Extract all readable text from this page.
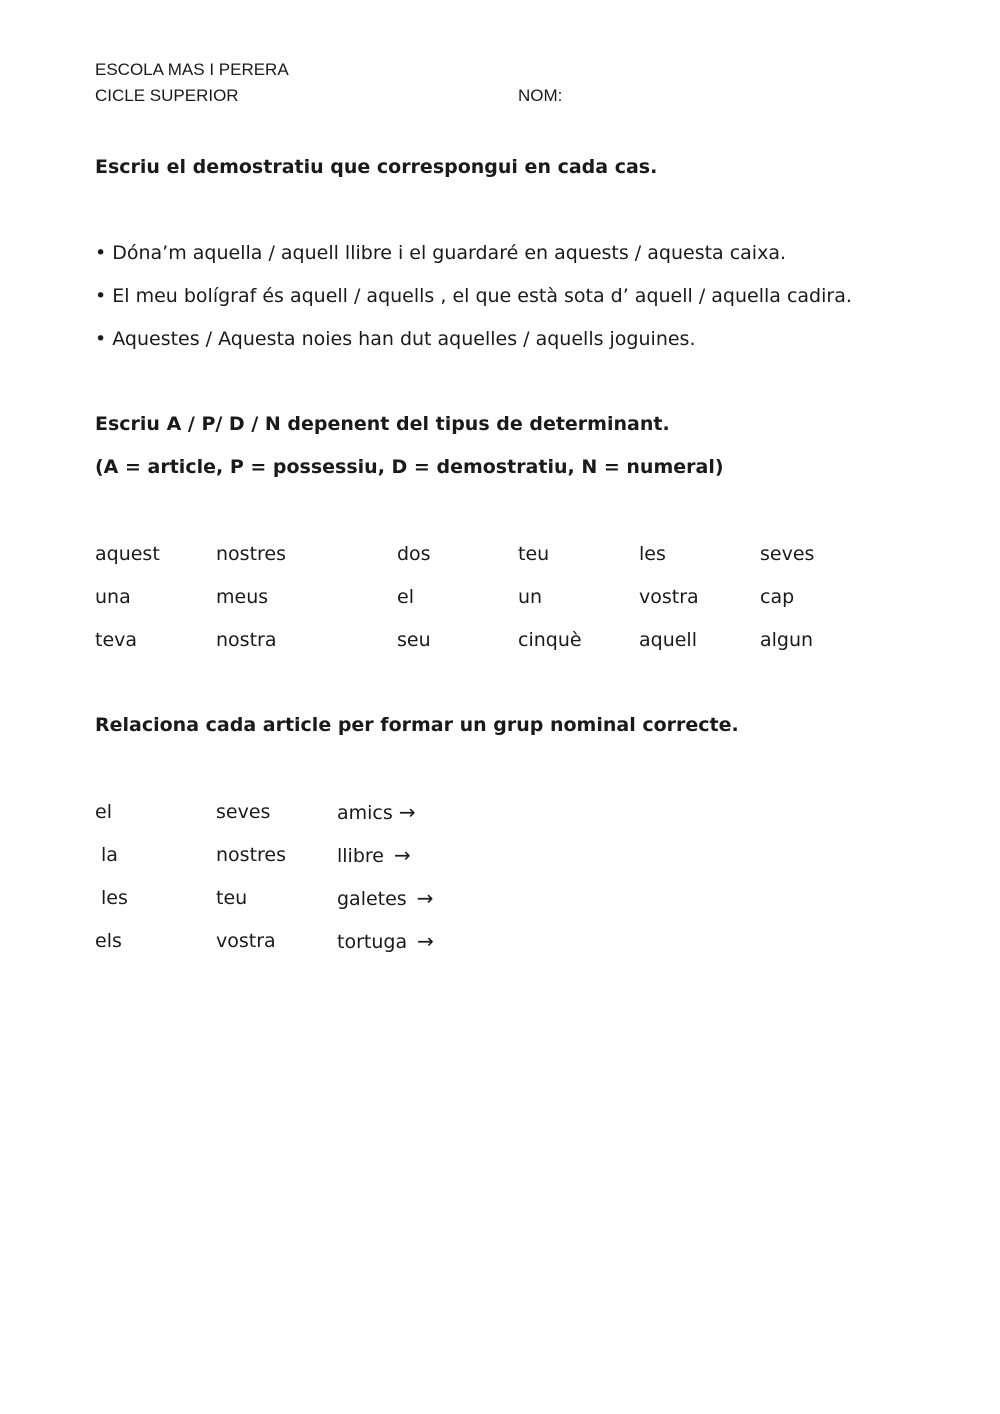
ESCOLA MAS I PERERA
CICLE SUPERIOR	NOM:
Escriu el demostratiu que correspongui en cada cas.
• Dóna’m aquella / aquell llibre i el guardaré en aquests / aquesta caixa.
• El meu bolígraf és aquell / aquells , el que està sota d’ aquell / aquella cadira.
• Aquestes / Aquesta noies han dut aquelles / aquells joguines.
Escriu A / P/ D / N depenent del tipus de determinant.
(A = article, P = possessiu, D = demostratiu, N = numeral)
aquest	nostres	dos	teu	les	seves
una	meus	el	un	vostra	cap
teva	nostra	seu	cinquè	aquell	algun
Relaciona cada article per formar un grup nominal correcte.
el	seves	amics →
la	nostres	llibre →
les	teu	galetes →
els	vostra	tortuga →
